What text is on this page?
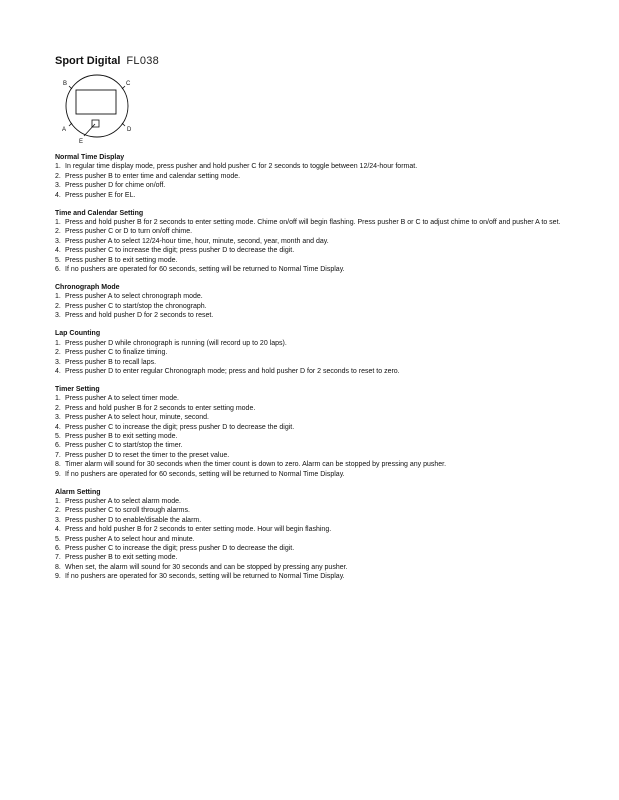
Sport Digital FL038
B	C
A	D
E
Normal Time Display
1. In regular time display mode, press pusher and hold pusher C for 2 seconds to toggle between 12/24-hour format.
2. Press pusher B to enter time and calendar setting mode.
3. Press pusher D for chime on/off.
4. Press pusher E for EL.
Time and Calendar Setting
1. Press and hold pusher B for 2 seconds to enter setting mode. Chime on/off will begin flashing. Press pusher B or C to adjust chime to on/off and pusher A to set.
2. Press pusher C or D to turn on/off chime.
3. Press pusher A to select 12/24-hour time, hour, minute, second, year, month and day.
4. Press pusher C to increase the digit; press pusher D to decrease the digit.
5. Press pusher B to exit setting mode.
6. If no pushers are operated for 60 seconds, setting will be returned to Normal Time Display.
Chronograph Mode
1. Press pusher A to select chronograph mode.
2. Press pusher C to start/stop the chronograph.
3. Press and hold pusher D for 2 seconds to reset.
Lap Counting
1. Press pusher D while chronograph is running (will record up to 20 laps).
2. Press pusher C to finalize timing.
3. Press pusher B to recall laps.
4. Press pusher D to enter regular Chronograph mode; press and hold pusher D for 2 seconds to reset to zero.
Timer Setting
1. Press pusher A to select timer mode.
2. Press and hold pusher B for 2 seconds to enter setting mode.
3. Press pusher A to select hour, minute, second.
4. Press pusher C to increase the digit; press pusher D to decrease the digit.
5. Press pusher B to exit setting mode.
6. Press pusher C to start/stop the timer.
7. Press pusher D to reset the timer to the preset value.
8. Timer alarm will sound for 30 seconds when the timer count is down to zero. Alarm can be stopped by pressing any pusher.
9. If no pushers are operated for 60 seconds, setting will be returned to Normal Time Display.
Alarm Setting
1. Press pusher A to select alarm mode.
2. Press pusher C to scroll through alarms.
3. Press pusher D to enable/disable the alarm.
4. Press and hold pusher B for 2 seconds to enter setting mode. Hour will begin flashing.
5. Press pusher A to select hour and minute.
6. Press pusher C to increase the digit; press pusher D to decrease the digit.
7. Press pusher B to exit setting mode.
8. When set, the alarm will sound for 30 seconds and can be stopped by pressing any pusher.
9. If no pushers are operated for 30 seconds, setting will be returned to Normal Time Display.
